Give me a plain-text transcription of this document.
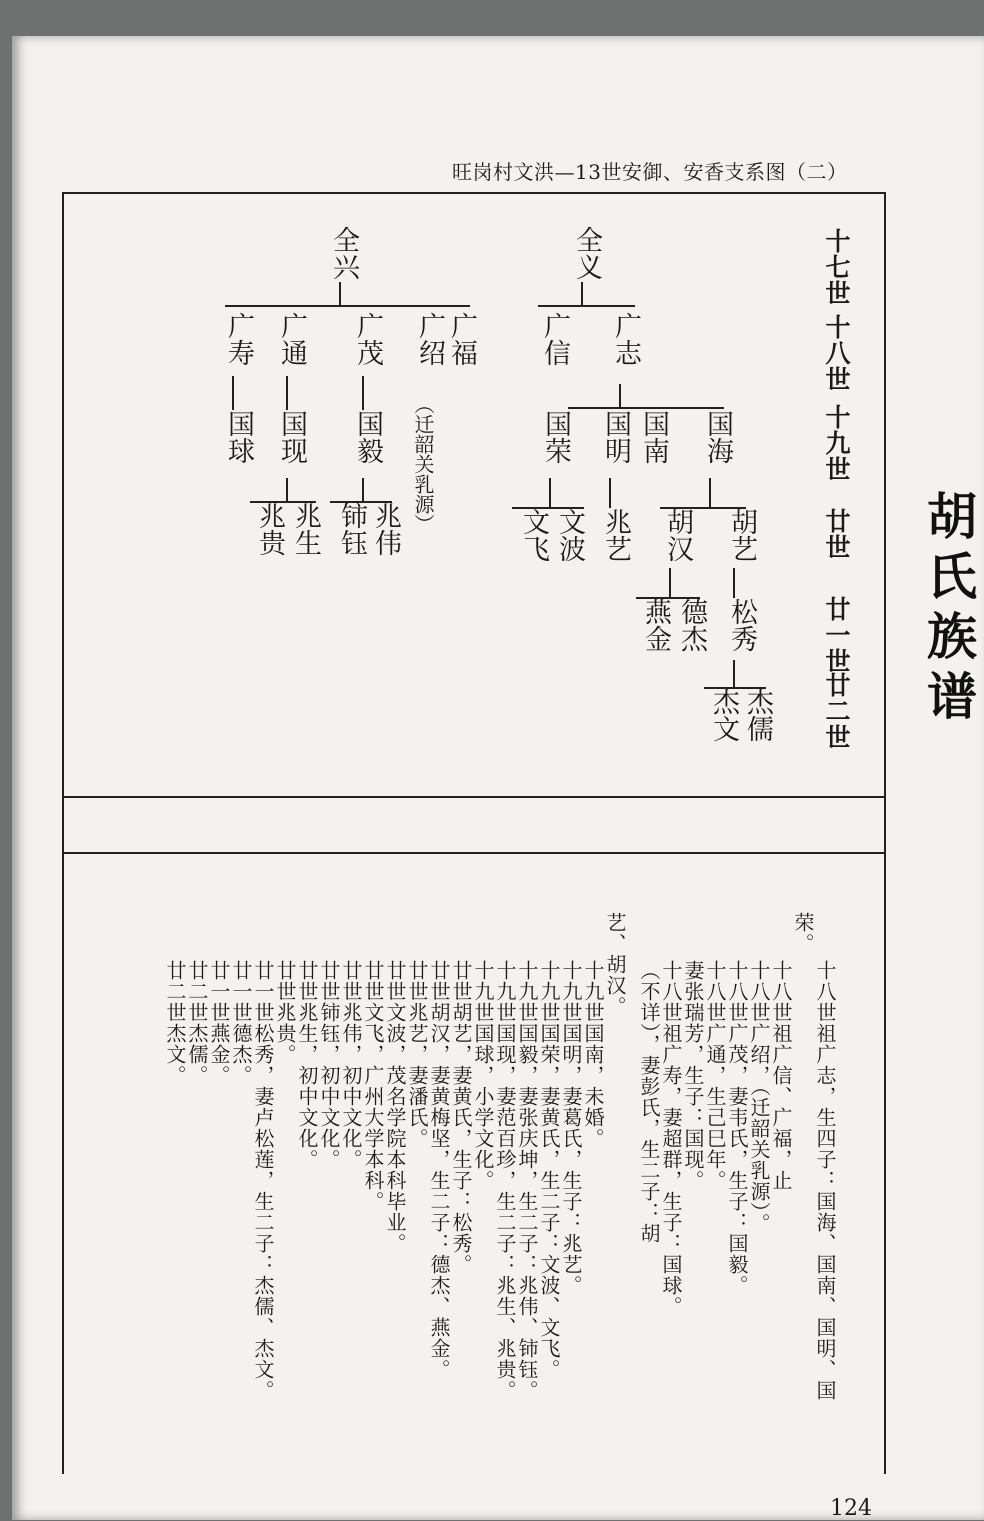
旺岗村文洪—13世安御、安香支系图（二）
胡氏族谱
十七世
十八世
十九世
廿世
廿一世
廿二世
全义
全兴
广志
广信
广福
广绍
（迁韶关乳源）
广茂
广通
广寿
国海
国南
国明
国荣
国毅
国现
国球
胡艺
胡汉
兆艺
文波
文飞
兆伟
铈钰
兆生
兆贵
松秀
德杰
燕金
杰儒
杰文
十八世祖广志，生四子：国海、国南、国明、国
荣。
十八世祖广信、广福，止
十八世广绍，（迁韶关乳源）。
十八世广茂，妻韦氏，生子：国毅。
十八世广通，生己巳年。
妻张瑞芳，生子：国现。
十八世祖广寿，妻超群，生子：国球。
（不详），妻彭氏，生二子：胡
艺、胡汉。
十九世国南，未婚。
十九世国明，妻葛氏，生子：兆艺。
十九世国荣，妻黄氏，生二子：文波、文飞。
十九世国毅，妻张庆坤，生二子：兆伟、铈钰。
十九世国现，妻范百珍，生二子：兆生、兆贵。
十九世国球，小学文化。
廿世胡艺，妻黄氏，生子：松秀。
廿世胡汉，妻黄梅坚，生二子：德杰、燕金。
廿世兆艺，妻潘氏。
廿世文波，茂名学院本科毕业。
廿世文飞，广州大学本科。
廿世兆伟，初中文化。
廿世铈钰，初中文化。
廿世兆生，初中文化。
廿世兆贵。
廿一世松秀，妻卢松莲，生二子：杰儒、杰文。
廿一世德杰。
廿一世燕金。
廿二世杰儒。
廿二世杰文。
124
